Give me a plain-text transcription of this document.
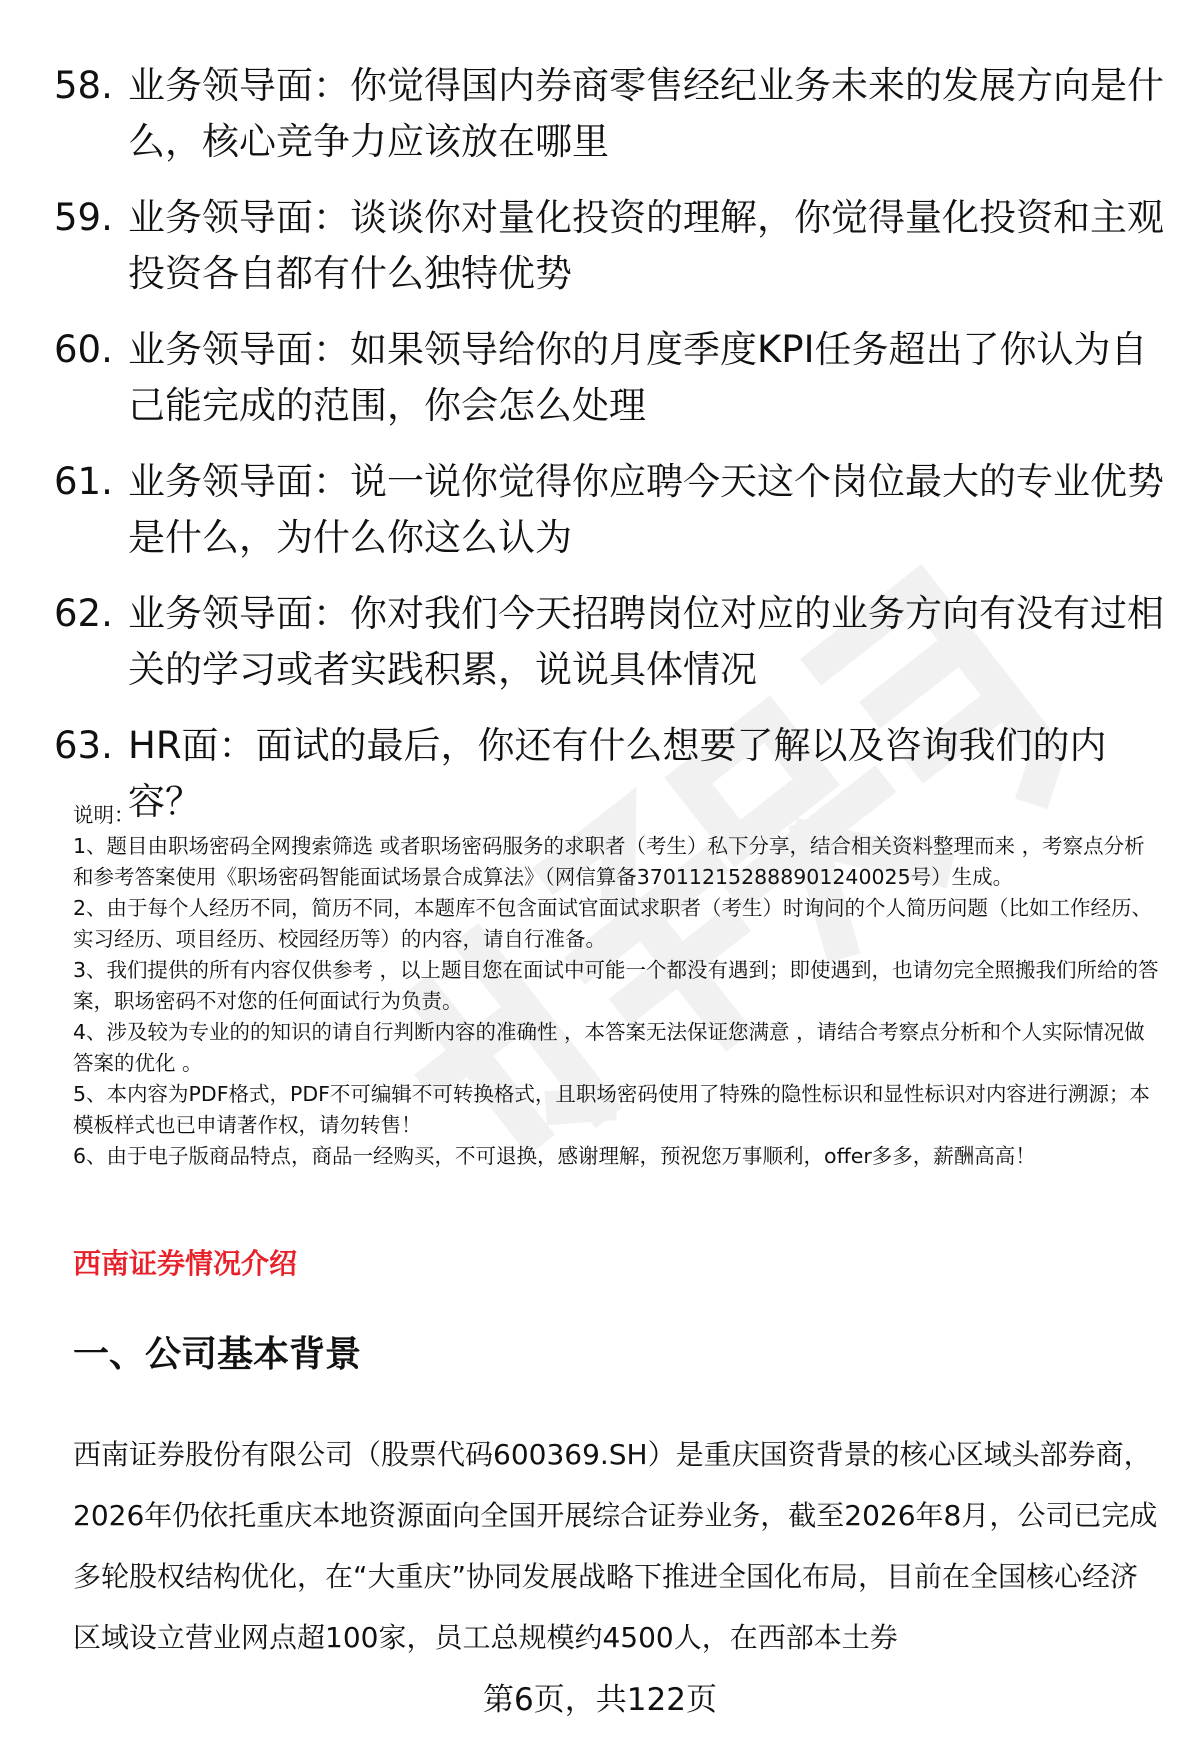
58. 业务领导面：你觉得国内券商零售经纪业务未来的发展方向是什么，核心竞争力应该放在哪里
59. 业务领导面：谈谈你对量化投资的理解，你觉得量化投资和主观投资各自都有什么独特优势
60. 业务领导面：如果领导给你的月度季度KPI任务超出了你认为自己能完成的范围，你会怎么处理
61. 业务领导面：说一说你觉得你应聘今天这个岗位最大的专业优势是什么，为什么你这么认为
62. 业务领导面：你对我们今天招聘岗位对应的业务方向有没有过相关的学习或者实践积累，说说具体情况
63. HR面：面试的最后，你还有什么想要了解以及咨询我们的内容？

说明：

1、题目由职场密码全网搜索筛选 或者职场密码服务的求职者（考生）私下分享，结合相关资料整理而来 ，考察点分析和参考答案使用《职场密码智能面试场景合成算法》（网信算备370112152888901240025号）生成。

2、由于每个人经历不同，简历不同，本题库不包含面试官面试求职者（考生）时询问的个人简历问题（比如工作经历、实习经历、项目经历、校园经历等）的内容，请自行准备。

3、我们提供的所有内容仅供参考 ，以上题目您在面试中可能一个都没有遇到；即使遇到，也请勿完全照搬我们所给的答案，职场密码不对您的任何面试行为负责。

4、涉及较为专业的的知识的请自行判断内容的准确性 ，本答案无法保证您满意 ，请结合考察点分析和个人实际情况做答案的优化 。

5、本内容为PDF格式，PDF不可编辑不可转换格式，且职场密码使用了特殊的隐性标识和显性标识对内容进行溯源；本模板样式也已申请著作权，请勿转售！

6、由于电子版商品特点，商品一经购买，不可退换，感谢理解，预祝您万事顺利，offer多多，薪酬高高！

西南证券情况介绍
一、公司基本背景

西南证券股份有限公司（股票代码600369.SH）是重庆国资背景的核心区域头部券商，2026年仍依托重庆本地资源面向全国开展综合证券业务，截至2026年8月，公司已完成多轮股权结构优化，在“大重庆”协同发展战略下推进全国化布局，目前在全国核心经济区域设立营业网点超100家，员工总规模约4500人，在西部本土券

第6页，共122页
